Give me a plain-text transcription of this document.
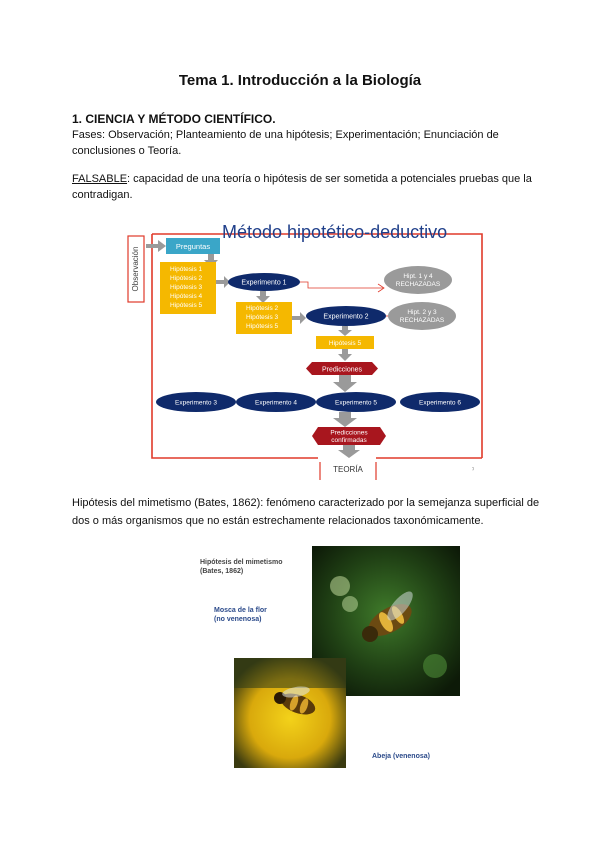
Tema 1. Introducción a la Biología
1. CIENCIA Y MÉTODO CIENTÍFICO.
Fases: Observación; Planteamiento de una hipótesis; Experimentación; Enunciación de conclusiones o Teoría.
FALSABLE: capacidad de una teoría o hipótesis de ser sometida a potenciales pruebas que la contradigan.
Observación
Método hipotético-deductivo
Preguntas
Hipótesis 1 Hipótesis 2 Hipótesis 3 Hipótesis 4 Hipótesis 5
Experimento 1
Hipt. 1 y 4
RECHAZADAS
Hipótesis 2 Hipótesis 3 Hipótesis 5
Experimento 2
Hipt. 2 y 3
RECHAZADAS
Hipótesis 5
Predicciones
Experimento 3	Experimento 4	Experimento 5	Experimento 6
Predicciones
confirmadas
TEORÍA	ˀ
Hipótesis del mimetismo (Bates, 1862): fenómeno caracterizado por la semejanza superficial de dos o más organismos que no están estrechamente relacionados taxonómicamente.
Hipótesis del mimetismo
(Bates, 1862)
Mosca de la flor
(no venenosa)
Abeja (venenosa)
